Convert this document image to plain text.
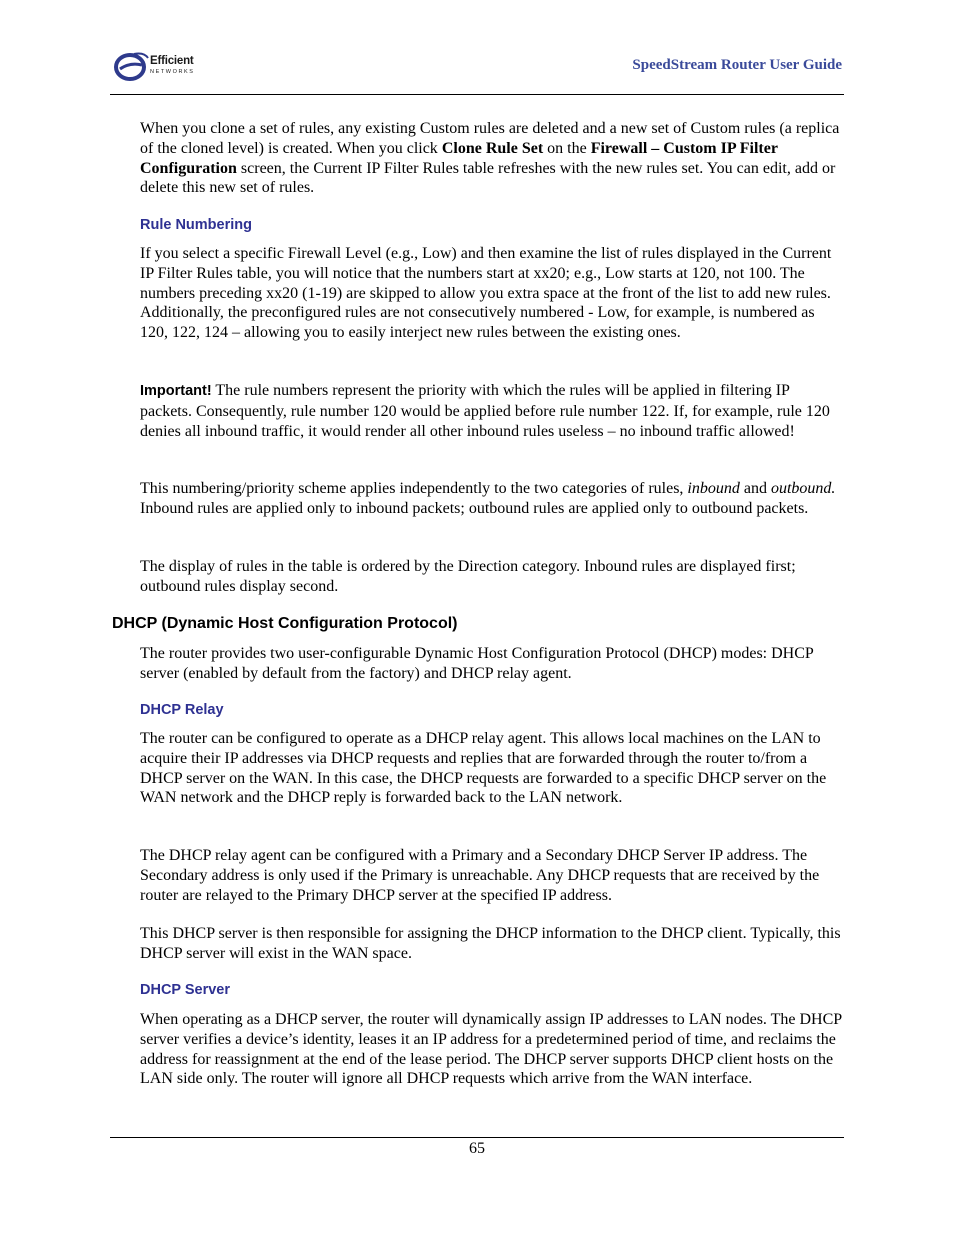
Efficient
NETWORKS	SpeedStream Router User Guide

When you clone a set of rules, any existing Custom rules are deleted and a new set of Custom rules (a replica of the cloned level) is created. When you click Clone Rule Set on the Firewall – Custom IP Filter Configuration screen, the Current IP Filter Rules table refreshes with the new rules set. You can edit, add or delete this new set of rules.

Rule Numbering

If you select a specific Firewall Level (e.g., Low) and then examine the list of rules displayed in the Current IP Filter Rules table, you will notice that the numbers start at xx20; e.g., Low starts at 120, not 100. The numbers preceding xx20 (1-19) are skipped to allow you extra space at the front of the list to add new rules. Additionally, the preconfigured rules are not consecutively numbered - Low, for example, is numbered as 120, 122, 124 – allowing you to easily interject new rules between the existing ones.

Important! The rule numbers represent the priority with which the rules will be applied in filtering IP packets. Consequently, rule number 120 would be applied before rule number 122. If, for example, rule 120 denies all inbound traffic, it would render all other inbound rules useless – no inbound traffic allowed!

This numbering/priority scheme applies independently to the two categories of rules, inbound and outbound. Inbound rules are applied only to inbound packets; outbound rules are applied only to outbound packets.

The display of rules in the table is ordered by the Direction category. Inbound rules are displayed first; outbound rules display second.

DHCP (Dynamic Host Configuration Protocol)

The router provides two user-configurable Dynamic Host Configuration Protocol (DHCP) modes: DHCP server (enabled by default from the factory) and DHCP relay agent.

DHCP Relay

The router can be configured to operate as a DHCP relay agent. This allows local machines on the LAN to acquire their IP addresses via DHCP requests and replies that are forwarded through the router to/from a DHCP server on the WAN. In this case, the DHCP requests are forwarded to a specific DHCP server on the WAN network and the DHCP reply is forwarded back to the LAN network.

The DHCP relay agent can be configured with a Primary and a Secondary DHCP Server IP address. The Secondary address is only used if the Primary is unreachable. Any DHCP requests that are received by the router are relayed to the Primary DHCP server at the specified IP address.

This DHCP server is then responsible for assigning the DHCP information to the DHCP client. Typically, this DHCP server will exist in the WAN space.

DHCP Server

When operating as a DHCP server, the router will dynamically assign IP addresses to LAN nodes. The DHCP server verifies a device’s identity, leases it an IP address for a predetermined period of time, and reclaims the address for reassignment at the end of the lease period. The DHCP server supports DHCP client hosts on the LAN side only. The router will ignore all DHCP requests which arrive from the WAN interface.

65
